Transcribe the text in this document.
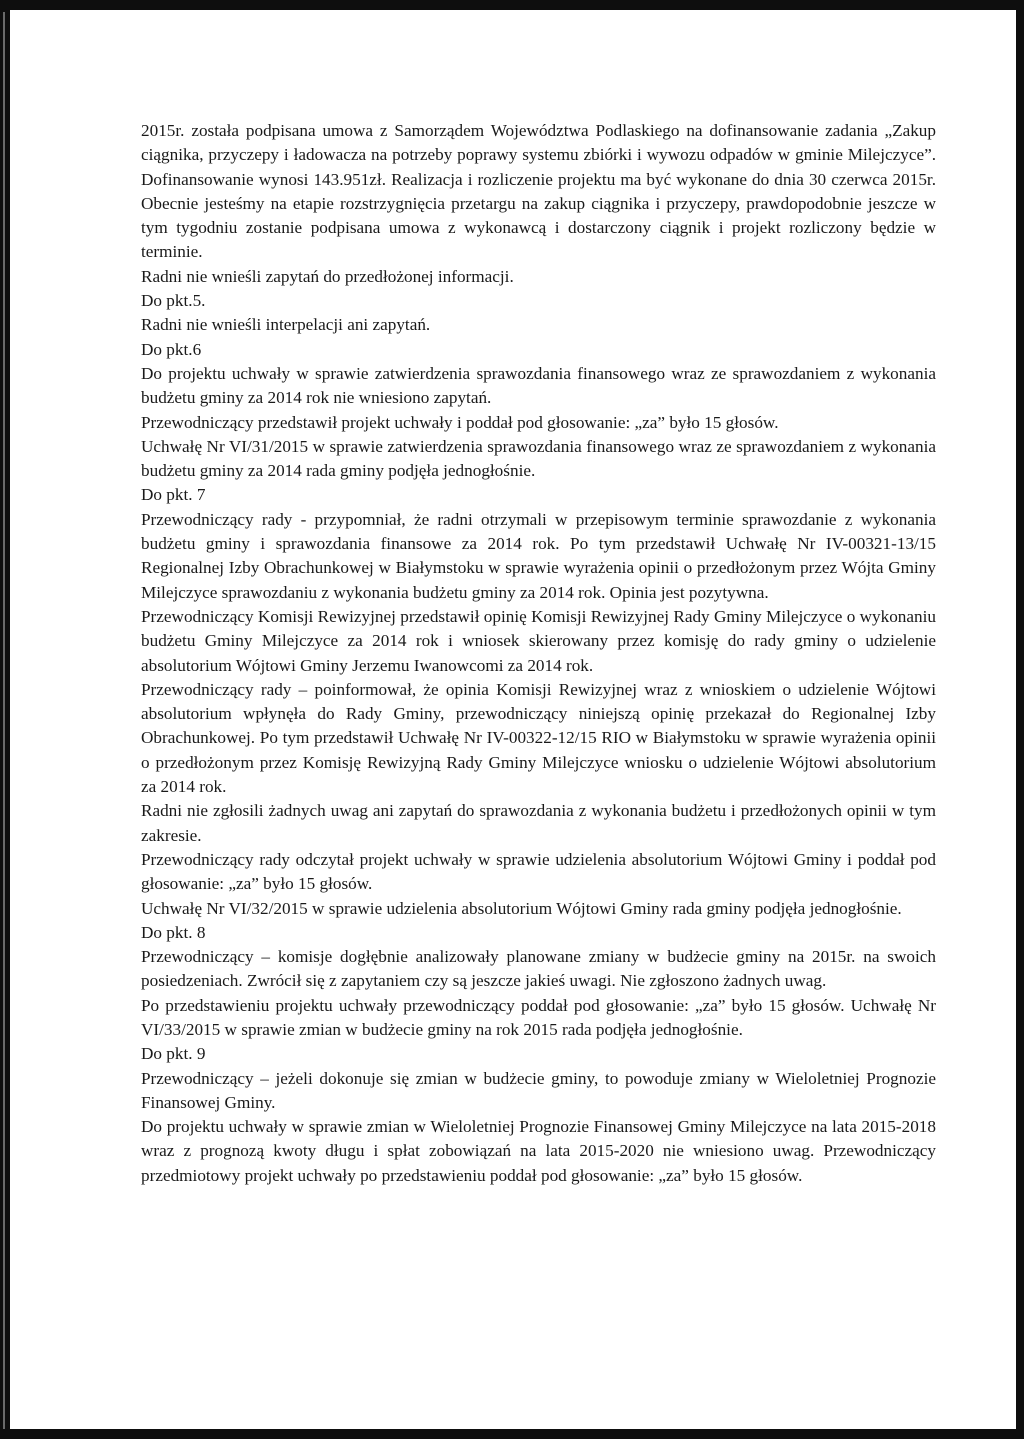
2015r. została podpisana umowa z Samorządem Województwa Podlaskiego na dofinansowanie zadania „Zakup ciągnika, przyczepy i ładowacza na potrzeby poprawy systemu zbiórki i wywozu odpadów w gminie Milejczyce”. Dofinansowanie wynosi 143.951zł. Realizacja i rozliczenie projektu ma być wykonane do dnia 30 czerwca 2015r. Obecnie jesteśmy na etapie rozstrzygnięcia przetargu na zakup ciągnika i przyczepy, prawdopodobnie jeszcze w tym tygodniu zostanie podpisana umowa z wykonawcą i dostarczony ciągnik i projekt rozliczony będzie w terminie.

Radni nie wnieśli zapytań do przedłożonej informacji.

Do pkt.5.

Radni nie wnieśli interpelacji ani zapytań.

Do pkt.6

Do projektu uchwały w sprawie zatwierdzenia sprawozdania finansowego wraz ze sprawozdaniem z wykonania budżetu gminy za 2014 rok nie wniesiono zapytań.

Przewodniczący przedstawił projekt uchwały i poddał pod głosowanie: „za” było 15 głosów.

Uchwałę Nr VI/31/2015 w sprawie zatwierdzenia sprawozdania finansowego wraz ze sprawozdaniem z wykonania budżetu gminy za 2014 rada gminy podjęła jednogłośnie.

Do pkt. 7

Przewodniczący rady - przypomniał, że radni otrzymali w przepisowym terminie sprawozdanie z wykonania budżetu gminy i sprawozdania finansowe za 2014 rok. Po tym przedstawił Uchwałę Nr IV-00321-13/15 Regionalnej Izby Obrachunkowej w Białymstoku w sprawie wyrażenia opinii o przedłożonym przez Wójta Gminy Milejczyce sprawozdaniu z wykonania budżetu gminy za 2014 rok. Opinia jest pozytywna.

Przewodniczący Komisji Rewizyjnej przedstawił opinię Komisji Rewizyjnej Rady Gminy Milejczyce o wykonaniu budżetu Gminy Milejczyce za 2014 rok i wniosek skierowany przez komisję do rady gminy o udzielenie absolutorium Wójtowi Gminy Jerzemu Iwanowcomi za 2014 rok.

Przewodniczący rady – poinformował, że opinia Komisji Rewizyjnej wraz z wnioskiem o udzielenie Wójtowi absolutorium wpłynęła do Rady Gminy, przewodniczący niniejszą opinię przekazał do Regionalnej Izby Obrachunkowej. Po tym przedstawił Uchwałę Nr IV-00322-12/15 RIO w Białymstoku w sprawie wyrażenia opinii o przedłożonym przez Komisję Rewizyjną Rady Gminy Milejczyce wniosku o udzielenie Wójtowi absolutorium za 2014 rok.

Radni nie zgłosili żadnych uwag ani zapytań do sprawozdania z wykonania budżetu i przedłożonych opinii w tym zakresie.

Przewodniczący rady odczytał projekt uchwały w sprawie udzielenia absolutorium Wójtowi Gminy i poddał pod głosowanie: „za” było 15 głosów.

Uchwałę Nr VI/32/2015 w sprawie udzielenia absolutorium Wójtowi Gminy rada gminy podjęła jednogłośnie.

Do pkt. 8

Przewodniczący – komisje dogłębnie analizowały planowane zmiany w budżecie gminy na 2015r. na swoich posiedzeniach. Zwrócił się z zapytaniem czy są jeszcze jakieś uwagi. Nie zgłoszono żadnych uwag.

Po przedstawieniu projektu uchwały przewodniczący poddał pod głosowanie: „za” było 15 głosów. Uchwałę Nr VI/33/2015 w sprawie zmian w budżecie gminy na rok 2015 rada podjęła jednogłośnie.

Do pkt. 9

Przewodniczący – jeżeli dokonuje się zmian w budżecie gminy, to powoduje zmiany w Wieloletniej Prognozie Finansowej Gminy.

Do projektu uchwały w sprawie zmian w Wieloletniej Prognozie Finansowej Gminy Milejczyce na lata 2015-2018 wraz z prognozą kwoty długu i spłat zobowiązań na lata 2015-2020 nie wniesiono uwag. Przewodniczący przedmiotowy projekt uchwały po przedstawieniu poddał pod głosowanie: „za” było 15 głosów.
